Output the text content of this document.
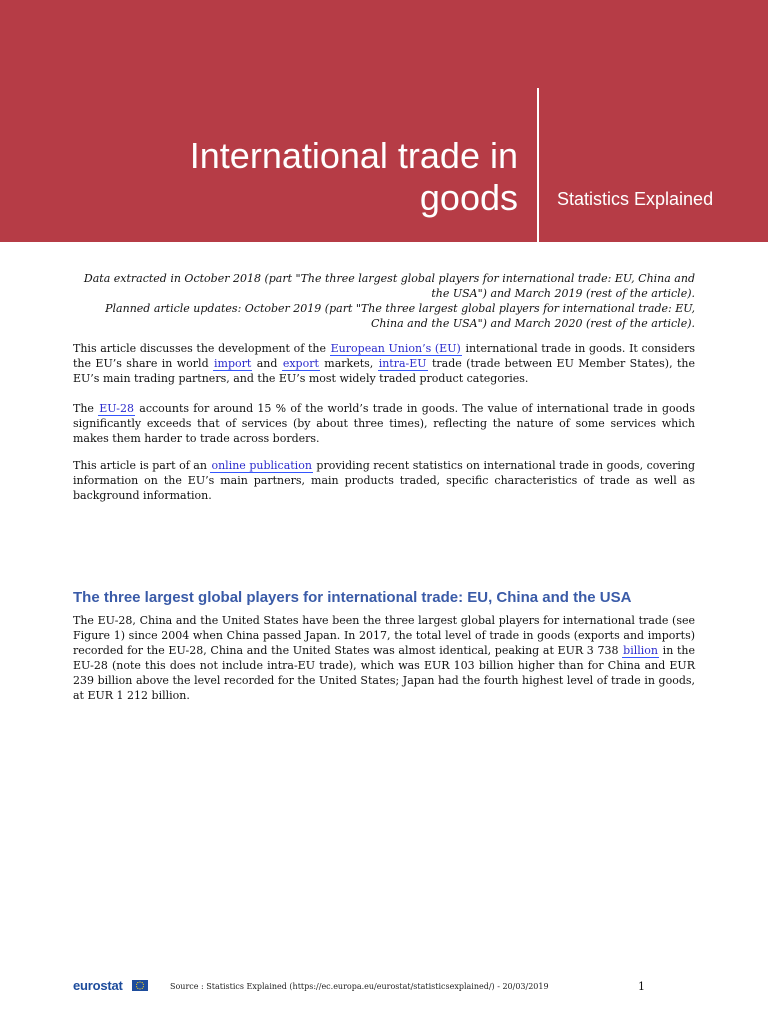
International trade in
goods Statistics Explained

Data extracted in October 2018 (part "The three largest global players for international trade: EU, China and

the USA") and March 2019 (rest of the article).

Planned article updates: October 2019 (part "The three largest global players for international trade: EU,

China and the USA") and March 2020 (rest of the article).

This article discusses the development of the European Union’s (EU) international trade in goods. It considers the EU’s share in world import and export markets, intra-EU trade (trade between EU Member States), the EU’s main trading partners, and the EU’s most widely traded product categories.

The EU-28 accounts for around 15 % of the world’s trade in goods. The value of international trade in goods significantly exceeds that of services (by about three times), reflecting the nature of some services which makes them harder to trade across borders.

This article is part of an online publication providing recent statistics on international trade in goods, covering information on the EU’s main partners, main products traded, specific characteristics of trade as well as background information.

The three largest global players for international trade: EU, China and the USA

The EU-28, China and the United States have been the three largest global players for international trade (see Figure 1) since 2004 when China passed Japan. In 2017, the total level of trade in goods (exports and imports) recorded for the EU-28, China and the United States was almost identical, peaking at EUR 3 738 billion in the EU-28 (note this does not include intra-EU trade), which was EUR 103 billion higher than for China and EUR 239 billion above the level recorded for the United States; Japan had the fourth highest level of trade in goods, at EUR 1 212 billion.

eurostat	Source : Statistics Explained (https://ec.europa.eu/eurostat/statisticsexplained/) - 20/03/2019	1
